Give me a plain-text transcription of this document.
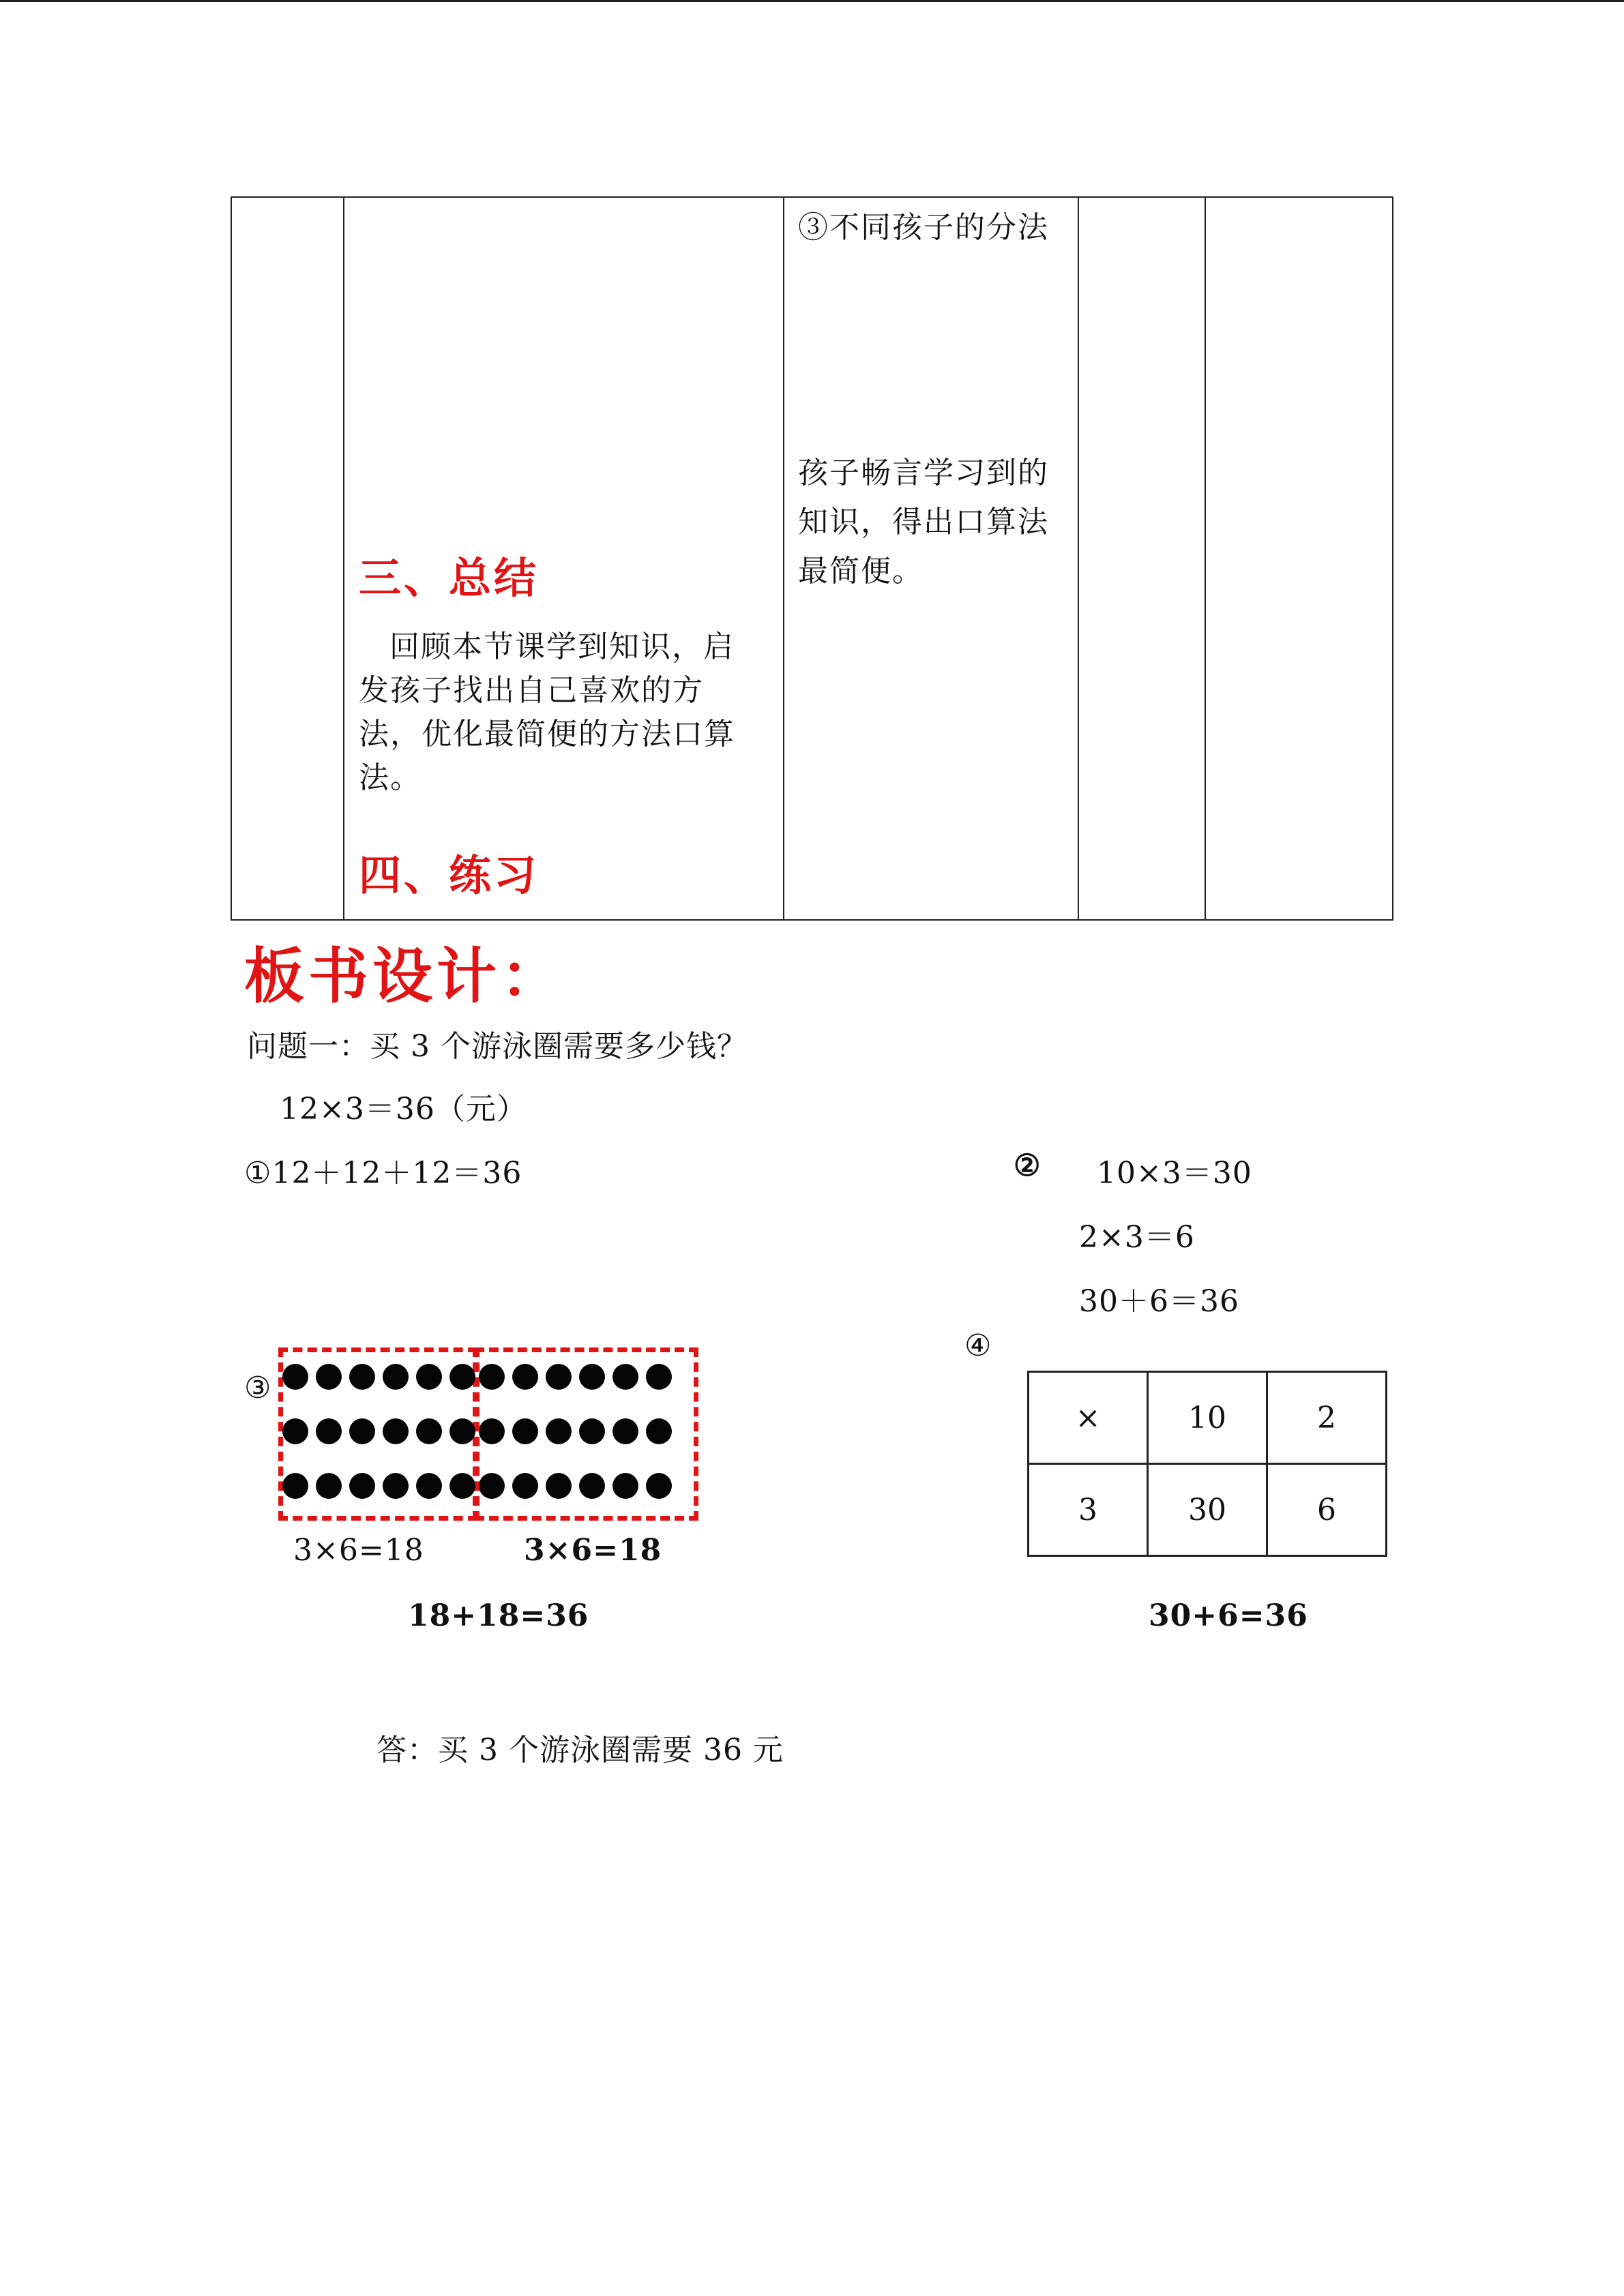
③不同孩子的分法
孩子畅言学习到的知识，得出口算法最简便。
三、总结
回顾本节课学到知识，启发孩子找出自己喜欢的方法，优化最简便的方法口算法。
四、练习
板书设计：
问题一：买 3 个游泳圈需要多少钱？
12×3＝36（元）
①12＋12＋12＝36	② 10×3＝30
2×3＝6
30＋6＝36
③
3×6=18	3×6=18
18+18=36
④
×	10	2
3	30	6
30+6=36
答：买 3 个游泳圈需要 36 元
